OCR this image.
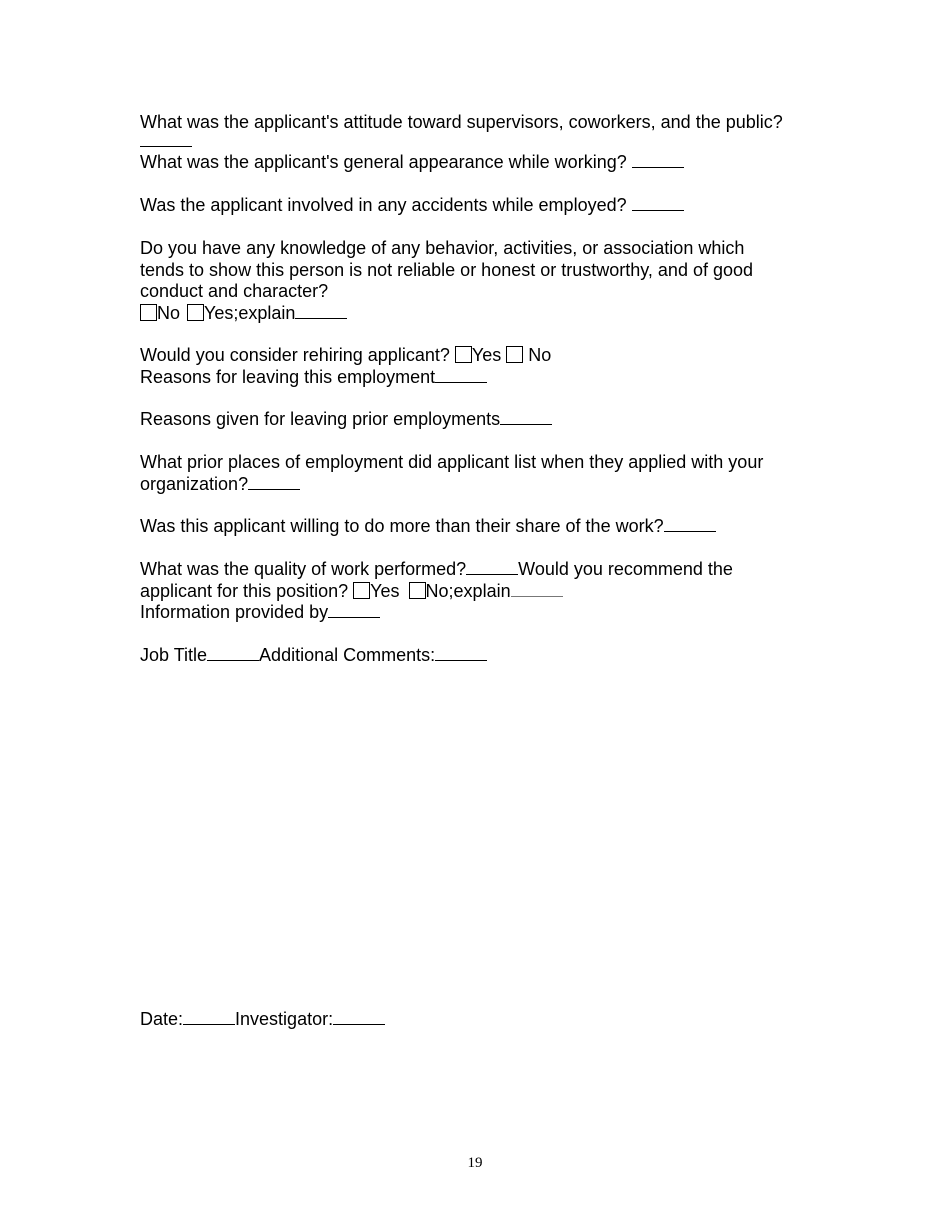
What was the applicant's attitude toward supervisors, coworkers, and the public?
What was the applicant's general appearance while working?
Was the applicant involved in any accidents while employed?
Do you have any knowledge of any behavior, activities, or association which
tends to show this person is not reliable or honest or trustworthy, and of good
conduct and character?
No Yes;explain
Would you consider rehiring applicant? Yes No
Reasons for leaving this employment
Reasons given for leaving prior employments
What prior places of employment did applicant list when they applied with your
organization?
Was this applicant willing to do more than their share of the work?
What was the quality of work performed?	Would you recommend the
applicant for this position? Yes No;explain
Information provided by
Job Title	Additional Comments:
Date:	Investigator:
19
